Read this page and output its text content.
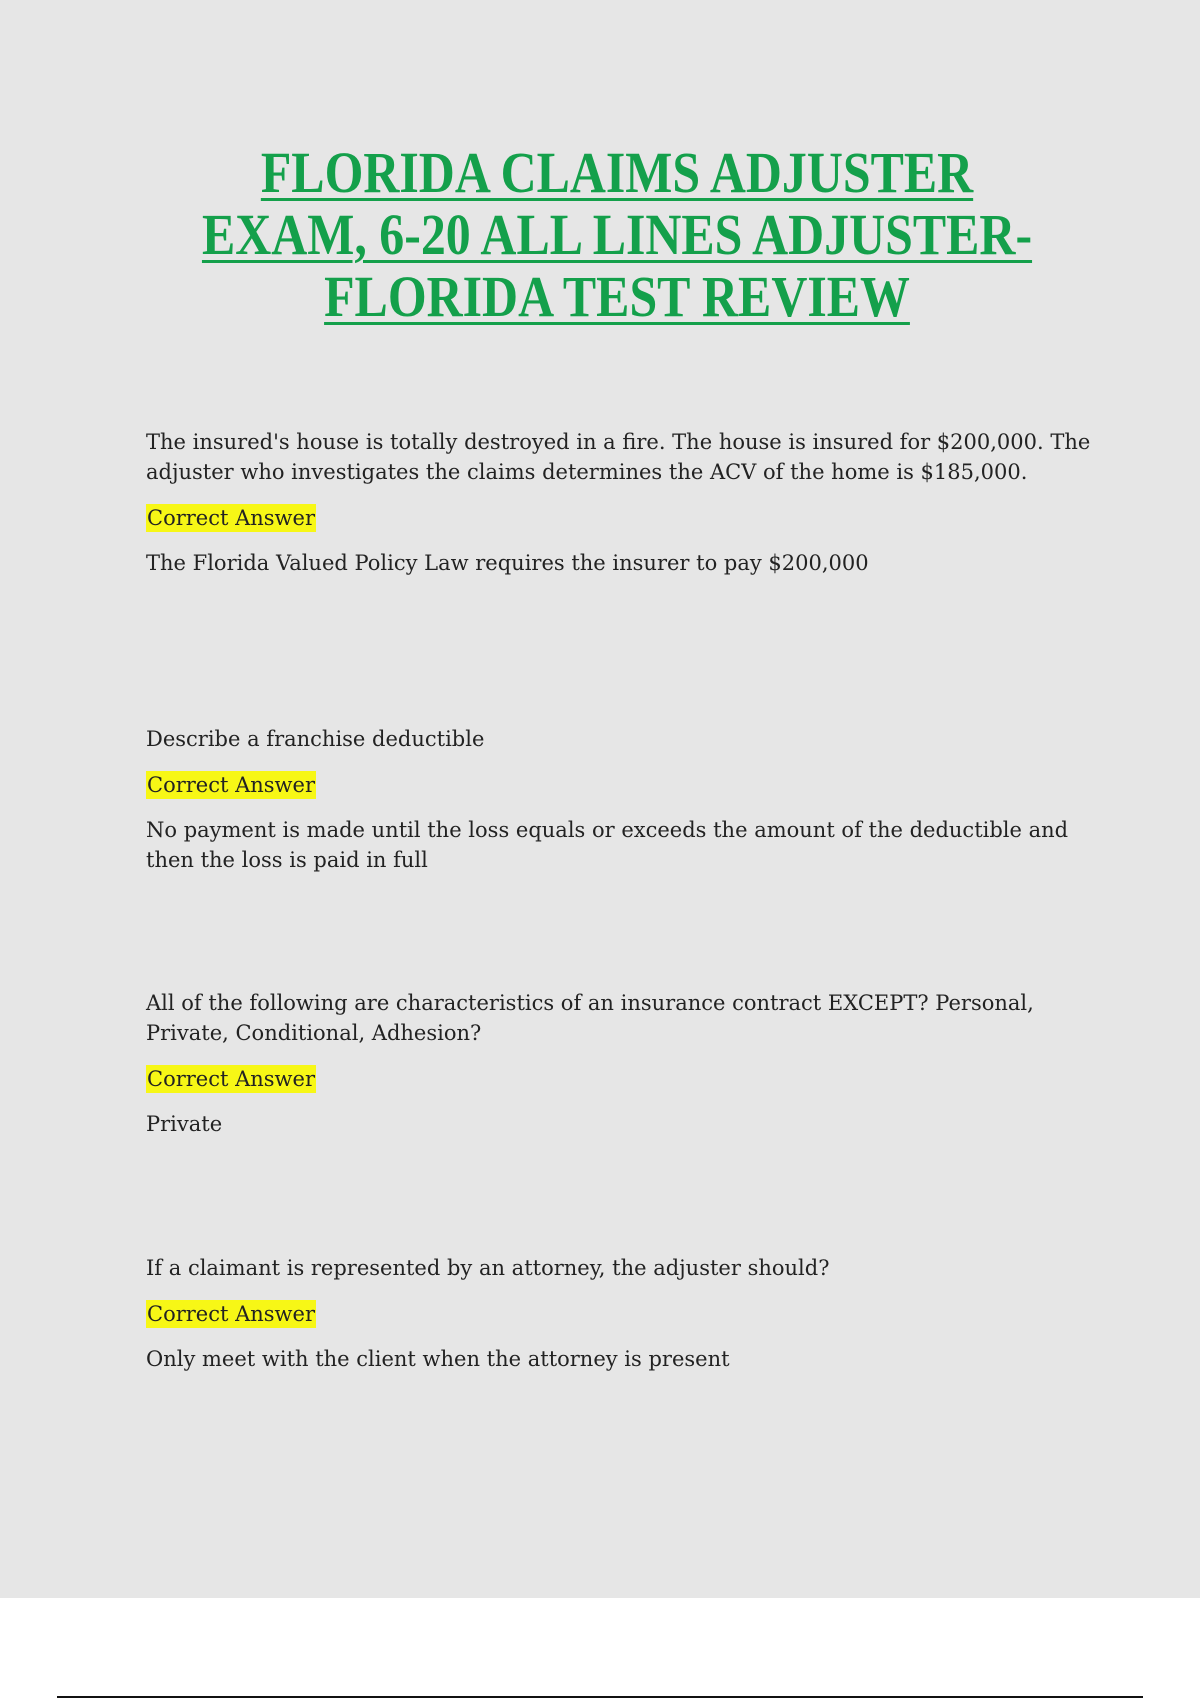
FLORIDA CLAIMS ADJUSTER
EXAM, 6-20 ALL LINES ADJUSTER-
FLORIDA TEST REVIEW

The insured's house is totally destroyed in a fire. The house is insured for $200,000. The adjuster who investigates the claims determines the ACV of the home is $185,000.

Correct Answer

The Florida Valued Policy Law requires the insurer to pay $200,000

Describe a franchise deductible

Correct Answer

No payment is made until the loss equals or exceeds the amount of the deductible and then the loss is paid in full

All of the following are characteristics of an insurance contract EXCEPT? Personal, Private, Conditional, Adhesion?

Correct Answer

Private

If a claimant is represented by an attorney, the adjuster should?

Correct Answer

Only meet with the client when the attorney is present
